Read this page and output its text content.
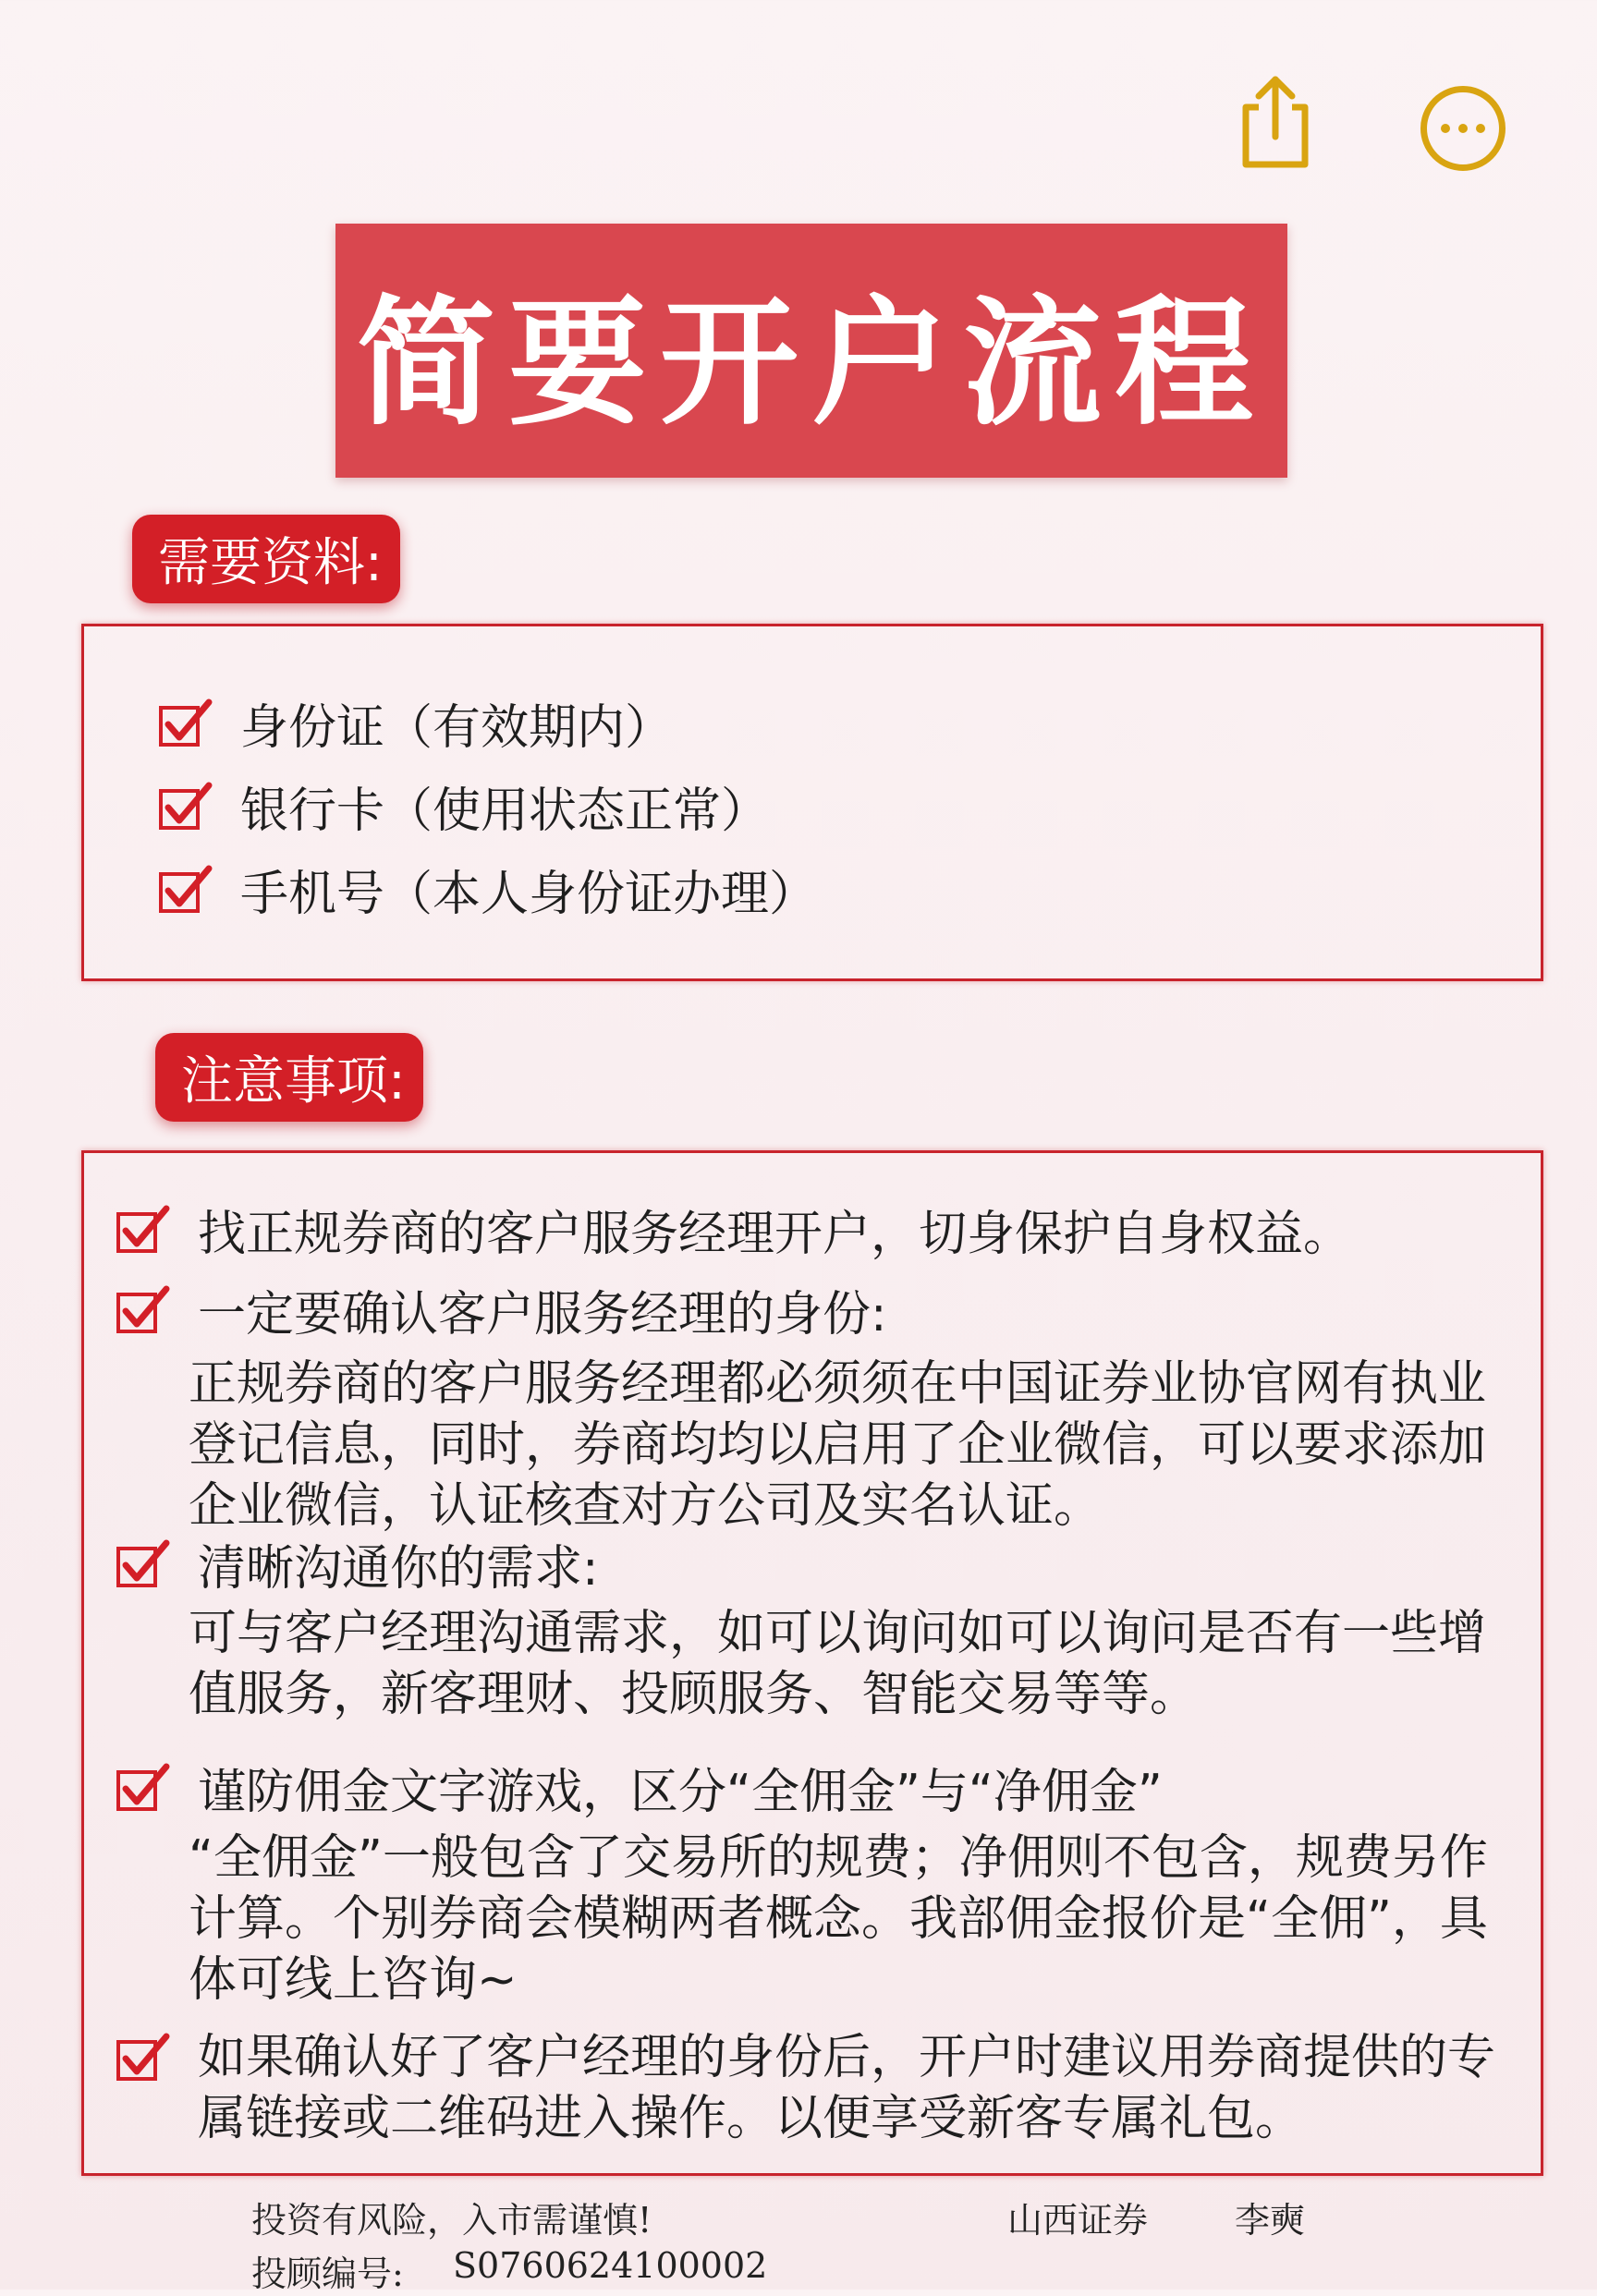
简要开户流程
需要资料:
身份证（有效期内）
银行卡（使用状态正常）
手机号（本人身份证办理）
注意事项:
找正规券商的客户服务经理开户，切身保护自身权益。
一定要确认客户服务经理的身份:
正规券商的客户服务经理都必须须在中国证券业协官网有执业登记信息，同时，券商均均以启用了企业微信，可以要求添加企业微信，认证核查对方公司及实名认证。
清晰沟通你的需求:
可与客户经理沟通需求，如可以询问如可以询问是否有一些增值服务，新客理财、投顾服务、智能交易等等。
谨防佣金文字游戏，区分“全佣金”与“净佣金”
“全佣金”一般包含了交易所的规费；净佣则不包含，规费另作计算。个别券商会模糊两者概念。我部佣金报价是“全佣”，具体可线上咨询~
如果确认好了客户经理的身份后，开户时建议用券商提供的专属链接或二维码进入操作。以便享受新客专属礼包。
投资有风险，入市需谨慎!	山西证券 李奭
投顾编号: S0760624100002
